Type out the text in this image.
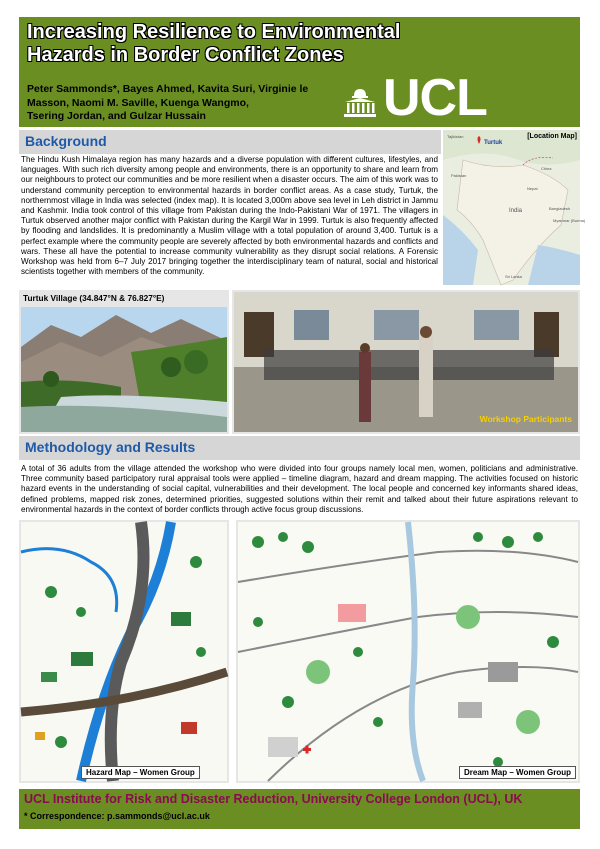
Increasing Resilience to Environmental
Hazards in Border Conflict Zones
Peter Sammonds*, Bayes Ahmed, Kavita Suri, Virginie le
Masson, Naomi M. Saville, Kuenga Wangmo,
Tsering Jordan, and Gulzar Hussain	UCL
Background
The Hindu Kush Himalaya region has many hazards and a diverse population with different cultures, lifestyles, and languages. With such rich diversity among people and environments, there is an opportunity to share and learn from our neighbours to protect our communities and be more resilient when a disaster occurs. The aim of this work was to understand community perception to environmental hazards in border conflict areas. As a case study, Turtuk, the northernmost village in India was selected (index map). It is located 3,000m above sea level in Leh district in Jammu and Kashmir. India took control of this village from Pakistan during the Indo-Pakistani War of 1971. The villagers in Turtuk observed another major conflict with Pakistan during the Kargil War in 1999. Turtuk is also frequently affected by flooding and landslides. It is predominantly a Muslim village with a total population of around 3,400. Turtuk is a perfect example where the community people are severely affected by both environmental hazards and conflicts and wars. These all have the potential to increase community vulnerability as they disrupt social relations. A Forensic Workshop was held from 6–7 July 2017 bringing together the interdisciplinary team of natural, social and historical scientists together with members of the community.
Tajikistan
China
Pakistan
India
Nepal
Bangladesh
Myanmar (Burma)
Sri Lanka
[Location Map]
Turtuk
Turtuk Village (34.847°N & 76.827°E)
Workshop Participants
Methodology and Results
A total of 36 adults from the village attended the workshop who were divided into four groups namely local men, women, politicians and administrative. Three community based participatory rural appraisal tools were applied – timeline diagram, hazard and dream mapping. The activities focused on historic hazard events in the understanding of social capital, vulnerabilities and their development. The local people and concerned key informants shared ideas, defined problems, mapped risk zones, determined priorities, suggested solutions within their remit and talked about their future aspirations relevant to environmental hazards in the context of border conflicts through active focus group discussions.
Hazard Map – Women Group	Dream Map – Women Group
UCL Institute for Risk and Disaster Reduction, University College London (UCL), UK
* Correspondence: p.sammonds@ucl.ac.uk
